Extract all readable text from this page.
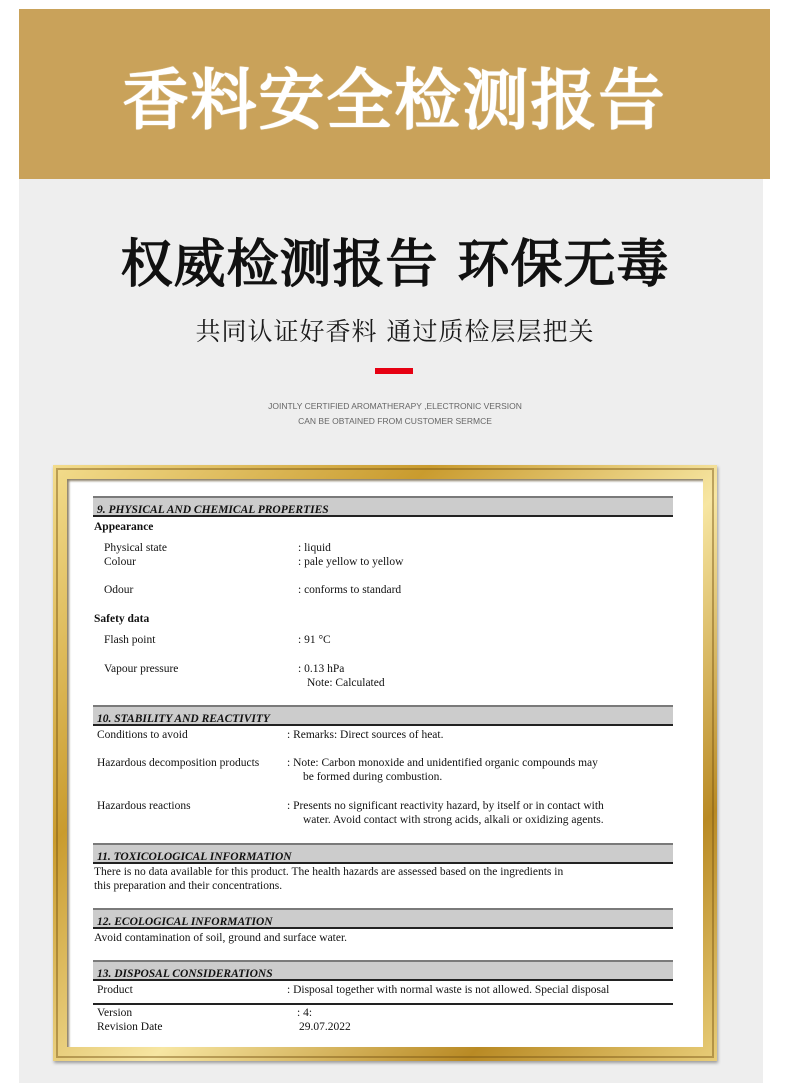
香料安全检测报告
权威检测报告 环保无毒
共同认证好香料 通过质检层层把关
JOINTLY CERTIFIED AROMATHERAPY ,ELECTRONIC VERSION
CAN BE OBTAINED FROM CUSTOMER SERMCE
9. PHYSICAL AND CHEMICAL PROPERTIES
Appearance
Physical state	: liquid
Colour	: pale yellow to yellow
Odour	: conforms to standard
Safety data
Flash point	: 91 °C
Vapour pressure	: 0.13 hPa
Note: Calculated
10. STABILITY AND REACTIVITY
Conditions to avoid	: Remarks: Direct sources of heat.
Hazardous decomposition products : Note: Carbon monoxide and unidentified organic compounds may
be formed during combustion.
Hazardous reactions	: Presents no significant reactivity hazard, by itself or in contact with
water. Avoid contact with strong acids, alkali or oxidizing agents.
11. TOXICOLOGICAL INFORMATION
There is no data available for this product. The health hazards are assessed based on the ingredients in
this preparation and their concentrations.
12. ECOLOGICAL INFORMATION
Avoid contamination of soil, ground and surface water.
13. DISPOSAL CONSIDERATIONS
Product	: Disposal together with normal waste is not allowed. Special disposal
Version	: 4:
Revision Date	29.07.2022
